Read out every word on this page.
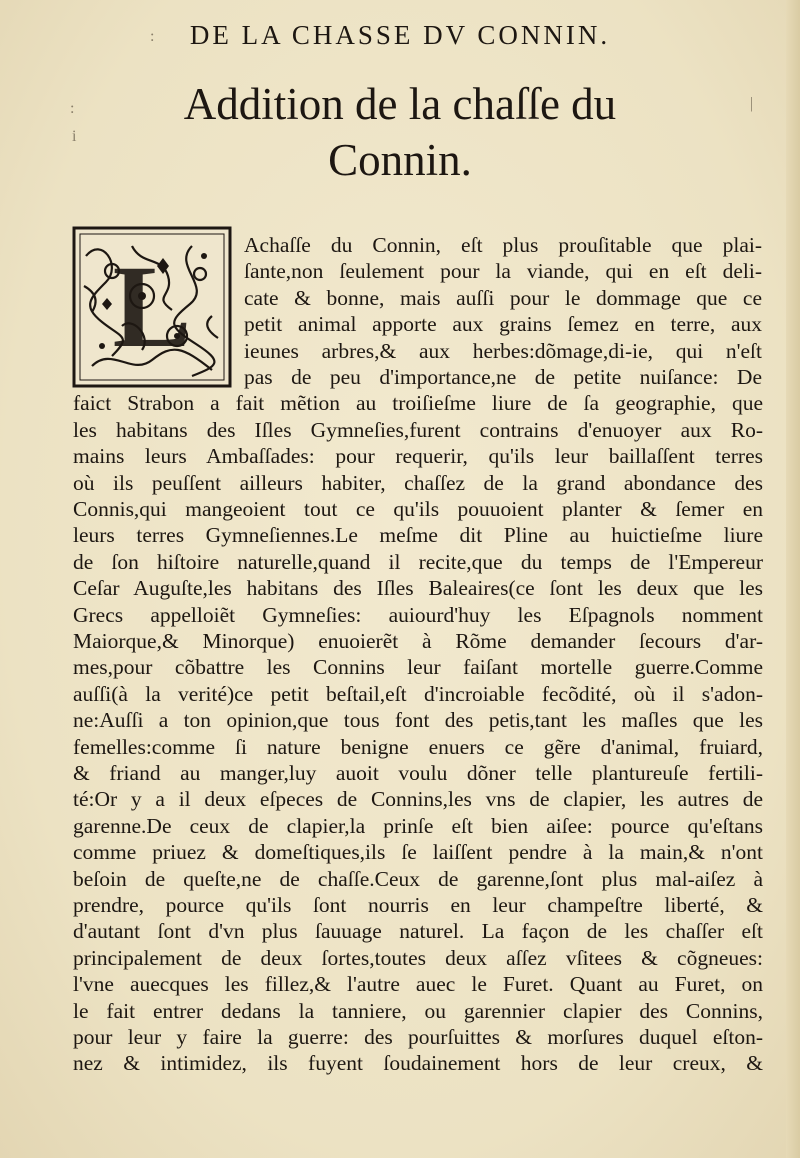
:
:
i
|
DE LA CHASSE DV CONNIN.
Addition de la chaſſe du
Connin.
L Achaſſe du Connin, eſt plus prouſitable que plai-
ſante,non ſeulement pour la viande, qui en eſt deli-
cate & bonne, mais auſſi pour le dommage que ce
petit animal apporte aux grains ſemez en terre, aux
ieunes arbres,& aux herbes:dõmage,di-ie, qui n'eſt
pas de peu d'importance,ne de petite nuiſance: De
faict Strabon a fait mẽtion au troiſieſme liure de ſa geographie, que
les habitans des Iſles Gymneſies,furent contrains d'enuoyer aux Ro-
mains leurs Ambaſſades: pour requerir, qu'ils leur baillaſſent terres
où ils peuſſent ailleurs habiter, chaſſez de la grand abondance des
Connis,qui mangeoient tout ce qu'ils pouuoient planter & ſemer en
leurs terres Gymneſiennes.Le meſme dit Pline au huictieſme liure
de ſon hiſtoire naturelle,quand il recite,que du temps de l'Empereur
Ceſar Auguſte,les habitans des Iſles Baleaires(ce ſont les deux que les
Grecs appelloiẽt Gymneſies: auiourd'huy les Eſpagnols nomment
Maiorque,& Minorque) enuoierẽt à Rõme demander ſecours d'ar-
mes,pour cõbattre les Connins leur faiſant mortelle guerre.Comme
auſſi(à la verité)ce petit beſtail,eſt d'incroiable fecõdité, où il s'adon-
ne:Auſſi a ton opinion,que tous font des petis,tant les maſles que les
femelles:comme ſi nature benigne enuers ce gẽre d'animal, fruiard,
& friand au manger,luy auoit voulu dõner telle plantureuſe fertili-
té:Or y a il deux eſpeces de Connins,les vns de clapier, les autres de
garenne.De ceux de clapier,la prinſe eſt bien aiſee: pource qu'eſtans
comme priuez & domeſtiques,ils ſe laiſſent pendre à la main,& n'ont
beſoin de queſte,ne de chaſſe.Ceux de garenne,ſont plus mal-aiſez à
prendre, pource qu'ils ſont nourris en leur champeſtre liberté, &
d'autant ſont d'vn plus ſauuage naturel. La façon de les chaſſer eſt
principalement de deux ſortes,toutes deux aſſez vſitees & cõgneues:
l'vne auecques les fillez,& l'autre auec le Furet. Quant au Furet, on
le fait entrer dedans la tanniere, ou garennier clapier des Connins,
pour leur y faire la guerre: des pourſuittes & morſures duquel eſton-
nez & intimidez, ils fuyent ſoudainement hors de leur creux, &
